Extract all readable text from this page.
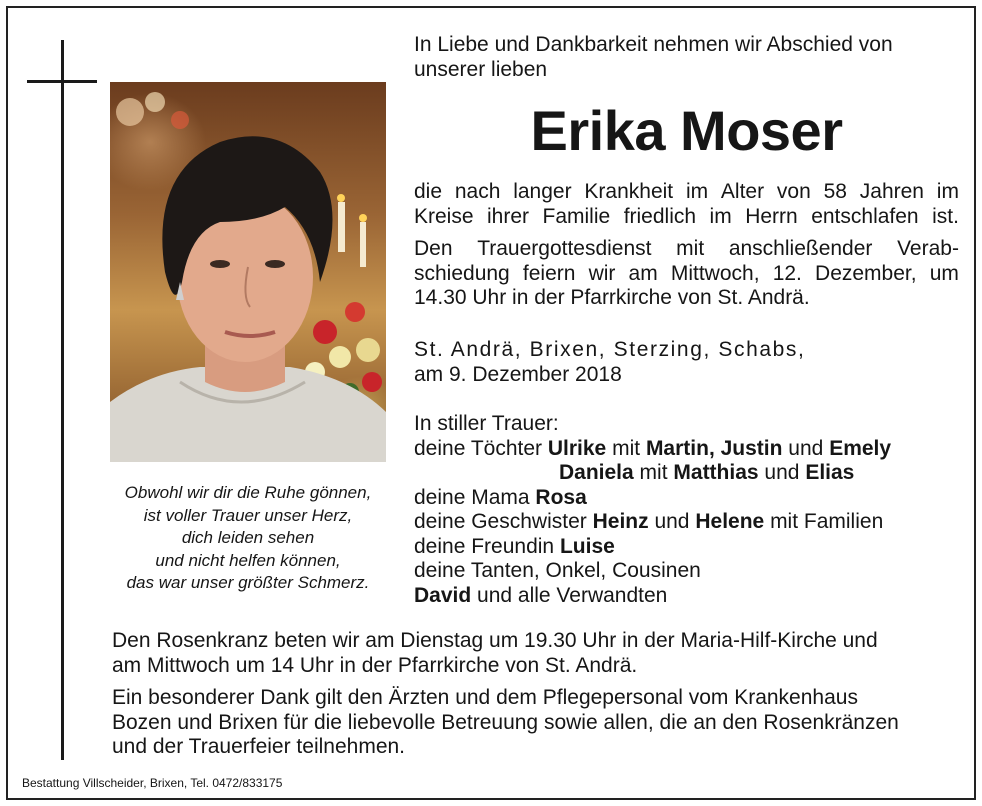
Obwohl wir dir die Ruhe gönnen,
ist voller Trauer unser Herz,
dich leiden sehen
und nicht helfen können,
das war unser größter Schmerz.
In Liebe und Dankbarkeit nehmen wir Abschied von
unserer lieben
Erika Moser
die nach langer Krankheit im Alter von 58 Jahren im
Kreise ihrer Familie friedlich im Herrn entschlafen ist.
Den Trauergottesdienst mit anschließender Verab-
schiedung feiern wir am Mittwoch, 12. Dezember, um
14.30 Uhr in der Pfarrkirche von St. Andrä.
St. Andrä, Brixen, Sterzing, Schabs,
am 9. Dezember 2018
In stiller Trauer:
deine Töchter Ulrike mit Martin, Justin und Emely
Daniela mit Matthias und Elias
deine Mama Rosa
deine Geschwister Heinz und Helene mit Familien
deine Freundin Luise
deine Tanten, Onkel, Cousinen
David und alle Verwandten
Den Rosenkranz beten wir am Dienstag um 19.30 Uhr in der Maria-Hilf-Kirche und
am Mittwoch um 14 Uhr in der Pfarrkirche von St. Andrä.
Ein besonderer Dank gilt den Ärzten und dem Pflegepersonal vom Krankenhaus
Bozen und Brixen für die liebevolle Betreuung sowie allen, die an den Rosenkränzen
und der Trauerfeier teilnehmen.
Bestattung Villscheider, Brixen, Tel. 0472/833175
